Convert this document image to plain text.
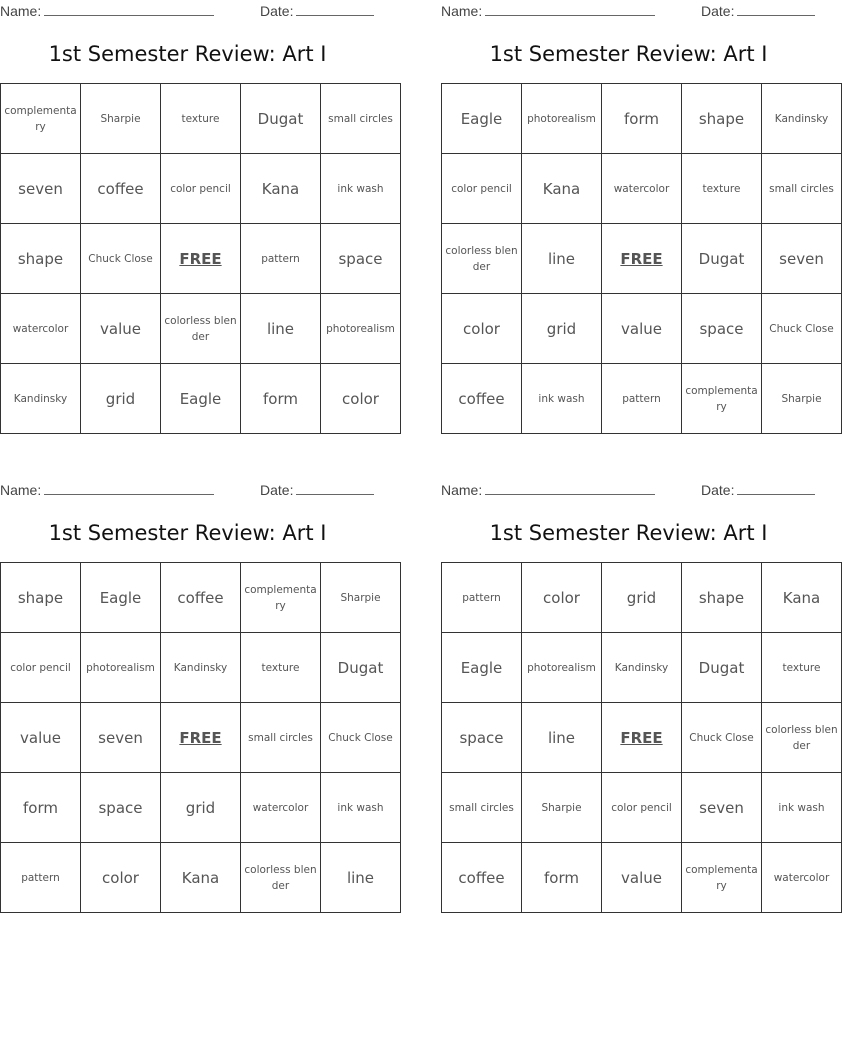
Name:	Date:
1st Semester Review: Art I
complementary	Sharpie	texture	Dugat	small circles
seven	coffee	color pencil	Kana	ink wash
shape	Chuck Close	FREE	pattern	space
watercolor	value	colorless blender	line	photorealism
Kandinsky	grid	Eagle	form	color
Name:	Date:
1st Semester Review: Art I
Eagle	photorealism	form	shape	Kandinsky
color pencil	Kana	watercolor	texture	small circles
colorless blender	line	FREE	Dugat	seven
color	grid	value	space	Chuck Close
coffee	ink wash	pattern	complementary	Sharpie
Name:	Date:
1st Semester Review: Art I
shape	Eagle	coffee	complementary	Sharpie
color pencil	photorealism	Kandinsky	texture	Dugat
value	seven	FREE	small circles	Chuck Close
form	space	grid	watercolor	ink wash
pattern	color	Kana	colorless blender	line
Name:	Date:
1st Semester Review: Art I
pattern	color	grid	shape	Kana
Eagle	photorealism	Kandinsky	Dugat	texture
space	line	FREE	Chuck Close	colorless blender
small circles	Sharpie	color pencil	seven	ink wash
coffee	form	value	complementary	watercolor
